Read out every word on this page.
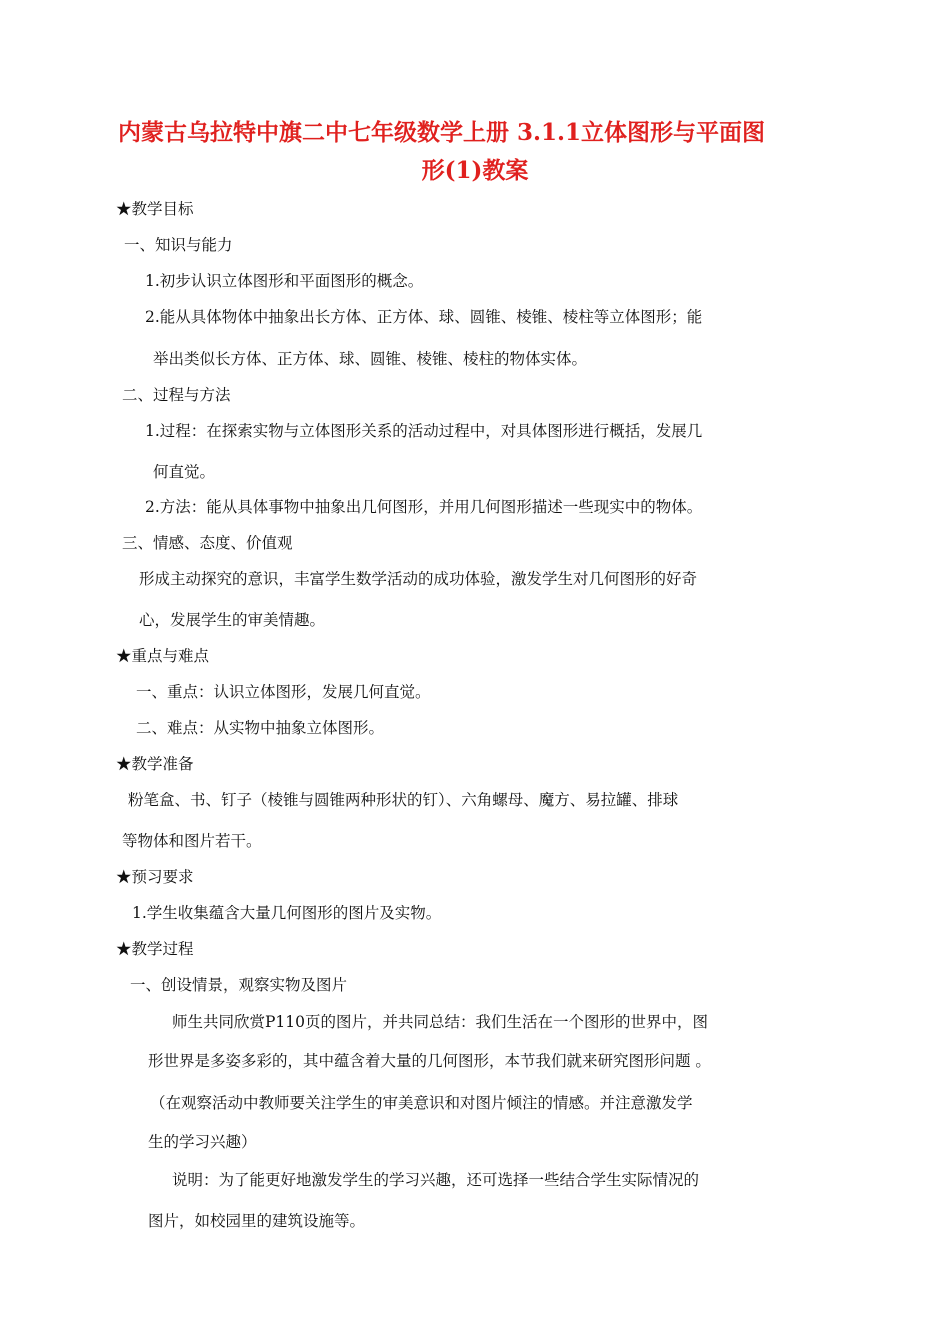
内蒙古乌拉特中旗二中七年级数学上册 3.1.1立体图形与平面图
形(1)教案
★教学目标
一、知识与能力
1.初步认识立体图形和平面图形的概念。
2.能从具体物体中抽象出长方体、正方体、球、圆锥、棱锥、棱柱等立体图形；能
举出类似长方体、正方体、球、圆锥、棱锥、棱柱的物体实体。
二、过程与方法
1.过程：在探索实物与立体图形关系的活动过程中，对具体图形进行概括，发展几
何直觉。
2.方法：能从具体事物中抽象出几何图形，并用几何图形描述一些现实中的物体。
三、情感、态度、价值观
形成主动探究的意识，丰富学生数学活动的成功体验，激发学生对几何图形的好奇
心，发展学生的审美情趣。
★重点与难点
一、重点：认识立体图形，发展几何直觉。
二、难点：从实物中抽象立体图形。
★教学准备
粉笔盒、书、钉子（棱锥与圆锥两种形状的钉）、六角螺母、魔方、易拉罐、排球
等物体和图片若干。
★预习要求
1.学生收集蕴含大量几何图形的图片及实物。
★教学过程
一、创设情景，观察实物及图片
师生共同欣赏P110页的图片，并共同总结：我们生活在一个图形的世界中，图
形世界是多姿多彩的，其中蕴含着大量的几何图形，本节我们就来研究图形问题 。
（在观察活动中教师要关注学生的审美意识和对图片倾注的情感。并注意激发学
生的学习兴趣）
说明：为了能更好地激发学生的学习兴趣，还可选择一些结合学生实际情况的
图片，如校园里的建筑设施等。
